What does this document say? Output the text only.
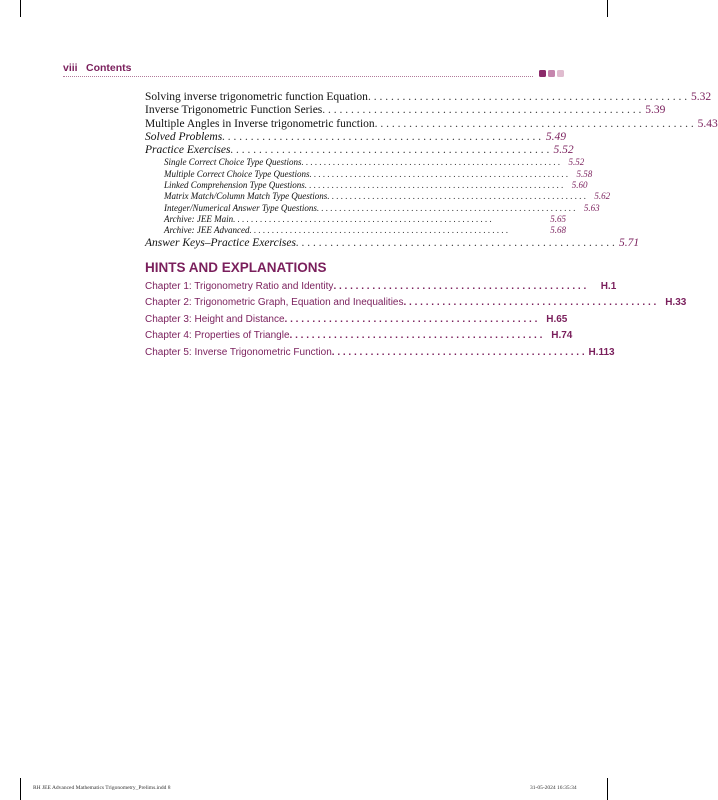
viii Contents
Solving inverse trigonometric function Equation . . . . . . . . . . . . . . . . . . . . . . . . . . . . . . . . . . . . . . . . . . . . . . . . . . . . . . . . 5.32
Inverse Trigonometric Function Series . . . . . . . . . . . . . . . . . . . . . . . . . . . . . . . . . . . . . . . . . . . . . . . . . . . . . . . . 5.39
Multiple Angles in Inverse trigonometric function . . . . . . . . . . . . . . . . . . . . . . . . . . . . . . . . . . . . . . . . . . . . . . . . . . . . . . . . 5.43
Solved Problems . . . . . . . . . . . . . . . . . . . . . . . . . . . . . . . . . . . . . . . . . . . . . . . . . . . . . . . . 5.49
Practice Exercises . . . . . . . . . . . . . . . . . . . . . . . . . . . . . . . . . . . . . . . . . . . . . . . . . . . . . . . . 5.52
Single Correct Choice Type Questions . . . . . . . . . . . . . . . . . . . . . . . . . . . . . . . . . . . . . . . . . . . . . . . . . . . . . . . . . . 5.52
Multiple Correct Choice Type Questions . . . . . . . . . . . . . . . . . . . . . . . . . . . . . . . . . . . . . . . . . . . . . . . . . . . . . . . . . . 5.58
Linked Comprehension Type Questions . . . . . . . . . . . . . . . . . . . . . . . . . . . . . . . . . . . . . . . . . . . . . . . . . . . . . . . . . . 5.60
Matrix Match/Column Match Type Questions . . . . . . . . . . . . . . . . . . . . . . . . . . . . . . . . . . . . . . . . . . . . . . . . . . . . . . . . . . 5.62
Integer/Numerical Answer Type Questions . . . . . . . . . . . . . . . . . . . . . . . . . . . . . . . . . . . . . . . . . . . . . . . . . . . . . . . . . . 5.63
Archive: JEE Main . . . . . . . . . . . . . . . . . . . . . . . . . . . . . . . . . . . . . . . . . . . . . . . . . . . . . . . . . .	5.65
Archive: JEE Advanced . . . . . . . . . . . . . . . . . . . . . . . . . . . . . . . . . . . . . . . . . . . . . . . . . . . . . . . . . .	5.68
Answer Keys–Practice Exercises . . . . . . . . . . . . . . . . . . . . . . . . . . . . . . . . . . . . . . . . . . . . . . . . . . . . . . . . 5.71
HINTS AND EXPLANATIONS
Chapter 1: Trigonometry Ratio and Identity . . . . . . . . . . . . . . . . . . . . . . . . . . . . . . . . . . . . . . . . . . . . . .	H.1
Chapter 2: Trigonometric Graph, Equation and Inequalities . . . . . . . . . . . . . . . . . . . . . . . . . . . . . . . . . . . . . . . . . . . . . . H.33
Chapter 3: Height and Distance . . . . . . . . . . . . . . . . . . . . . . . . . . . . . . . . . . . . . . . . . . . . . . H.65
Chapter 4: Properties of Triangle . . . . . . . . . . . . . . . . . . . . . . . . . . . . . . . . . . . . . . . . . . . . . . H.74
Chapter 5: Inverse Trigonometric Function . . . . . . . . . . . . . . . . . . . . . . . . . . . . . . . . . . . . . . . . . . . . . . H.113
RH JEE Advanced Mathematics Trigonometry_Prelims.indd 8	31-05-2024 16:35:34
